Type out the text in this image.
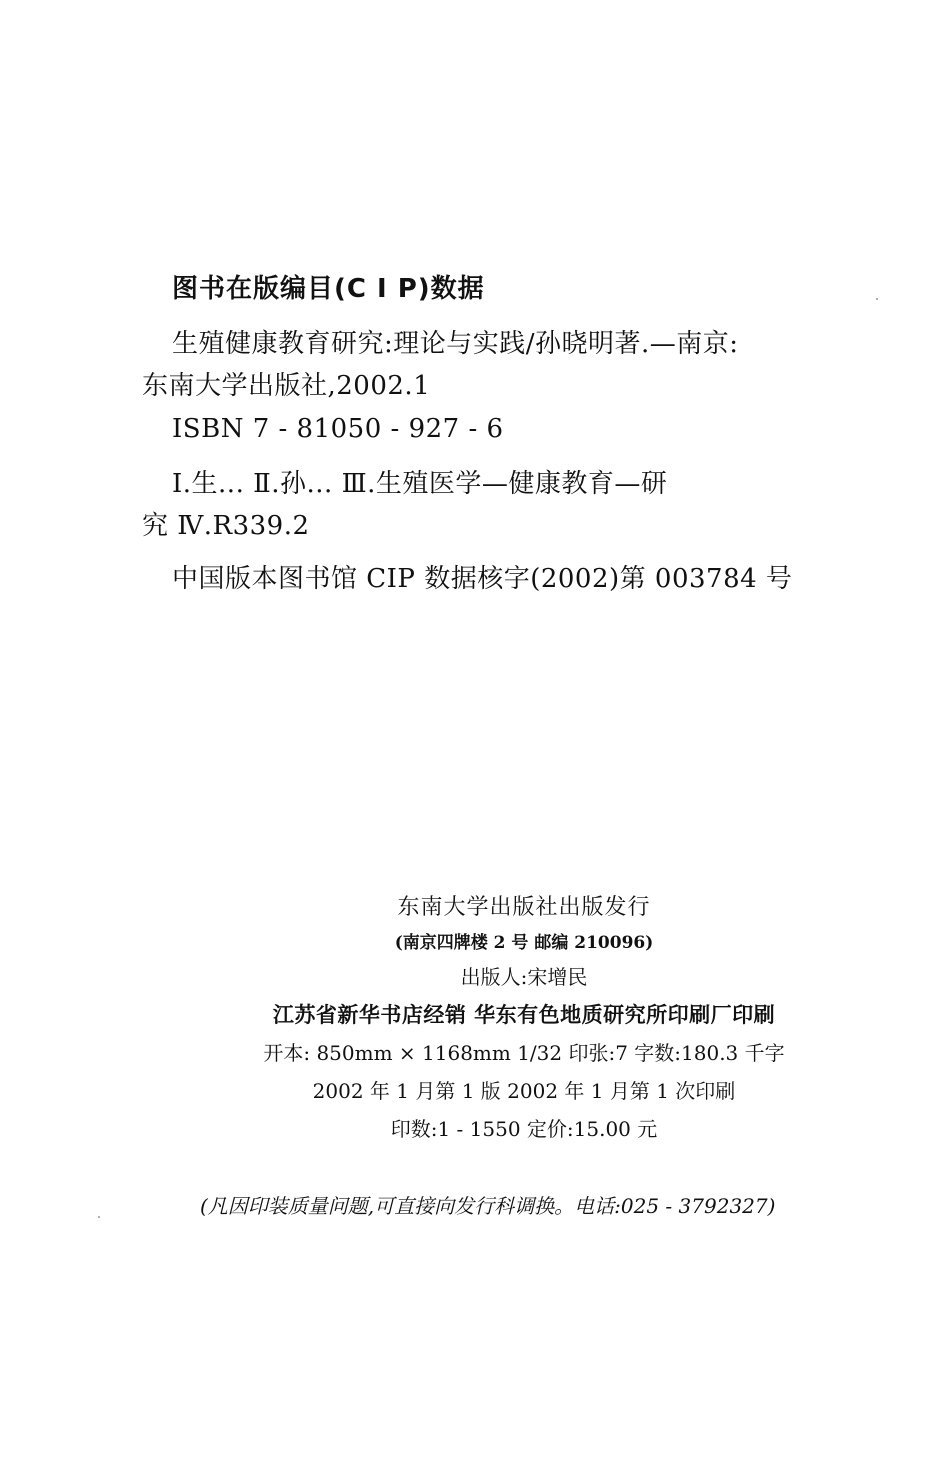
图书在版编目(C I P)数据
生殖健康教育研究:理论与实践/孙晓明著.—南京:
东南大学出版社,2002.1
ISBN 7 - 81050 - 927 - 6
Ⅰ.生... Ⅱ.孙... Ⅲ.生殖医学—健康教育—研
究 Ⅳ.R339.2
中国版本图书馆 CIP 数据核字(2002)第 003784 号
东南大学出版社出版发行
(南京四牌楼 2 号 邮编 210096)
出版人:宋增民
江苏省新华书店经销 华东有色地质研究所印刷厂印刷
开本: 850mm × 1168mm 1/32 印张:7 字数:180.3 千字
2002 年 1 月第 1 版 2002 年 1 月第 1 次印刷
印数:1 - 1550 定价:15.00 元
(凡因印装质量问题,可直接向发行科调换。电话:025 - 3792327)
